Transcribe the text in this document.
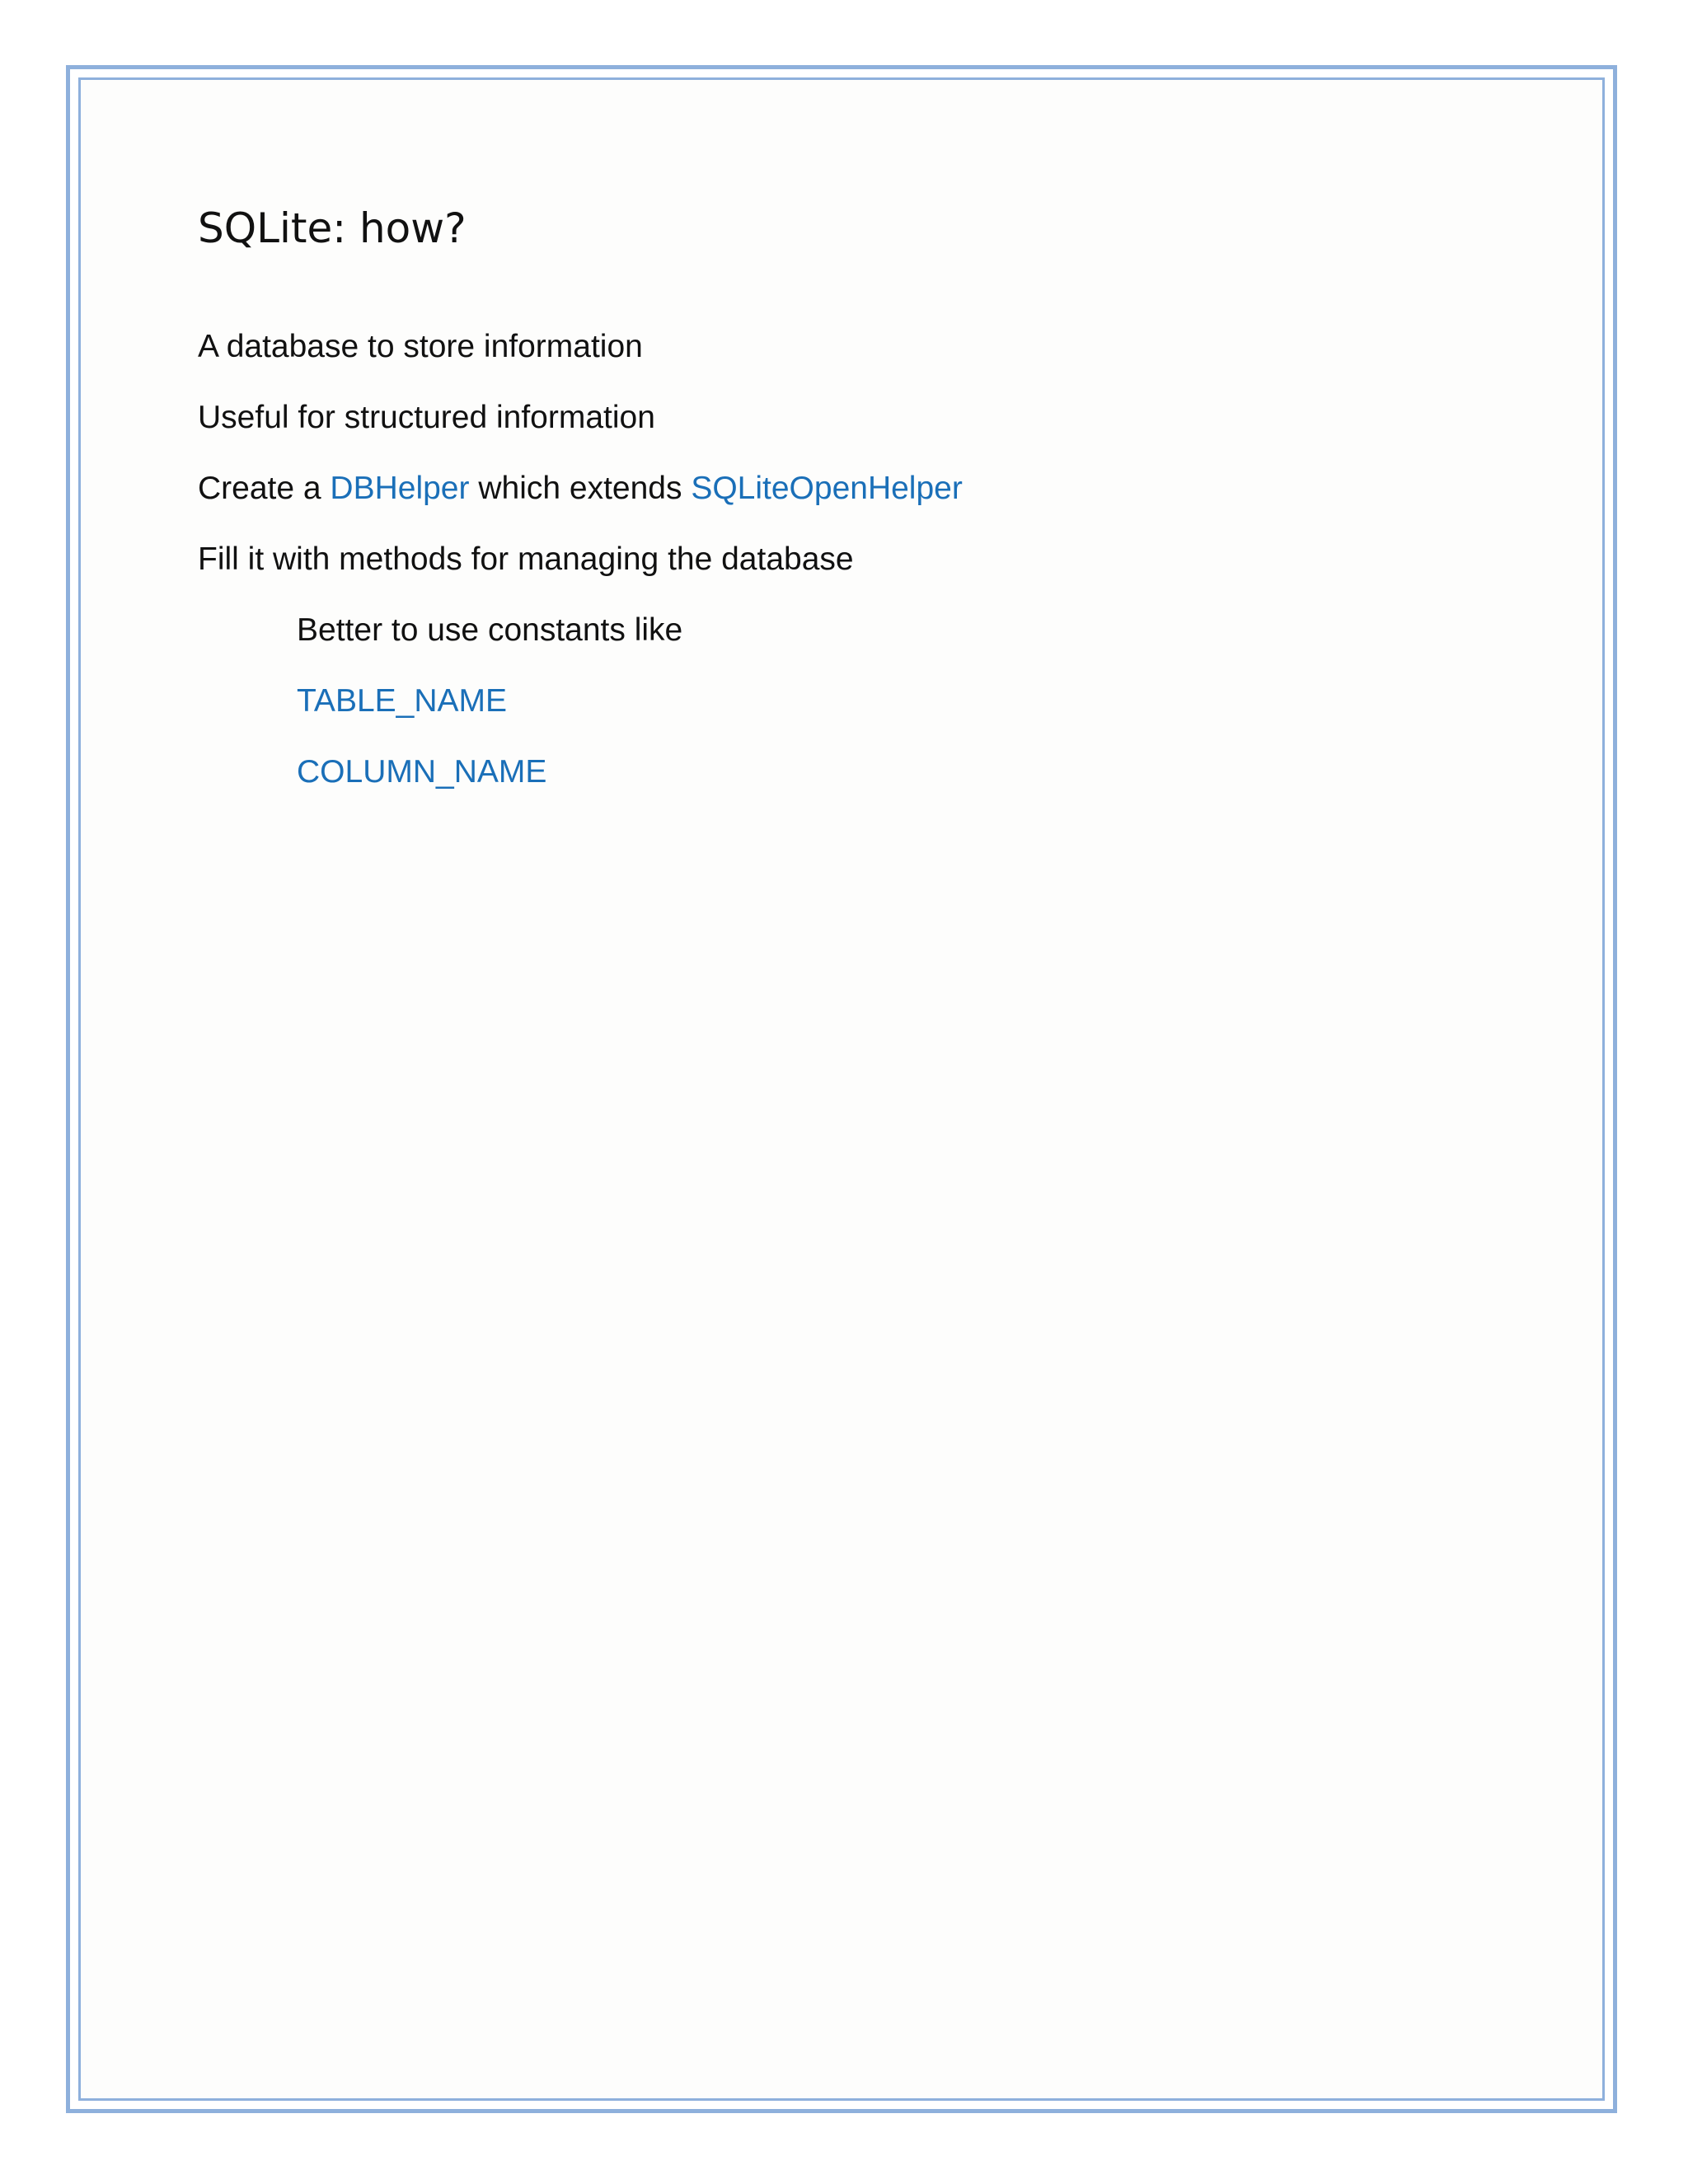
SQLite: how?

A database to store information

Useful for structured information

Create a DBHelper which extends SQLiteOpenHelper

Fill it with methods for managing the database

Better to use constants like

TABLE_NAME

COLUMN_NAME
